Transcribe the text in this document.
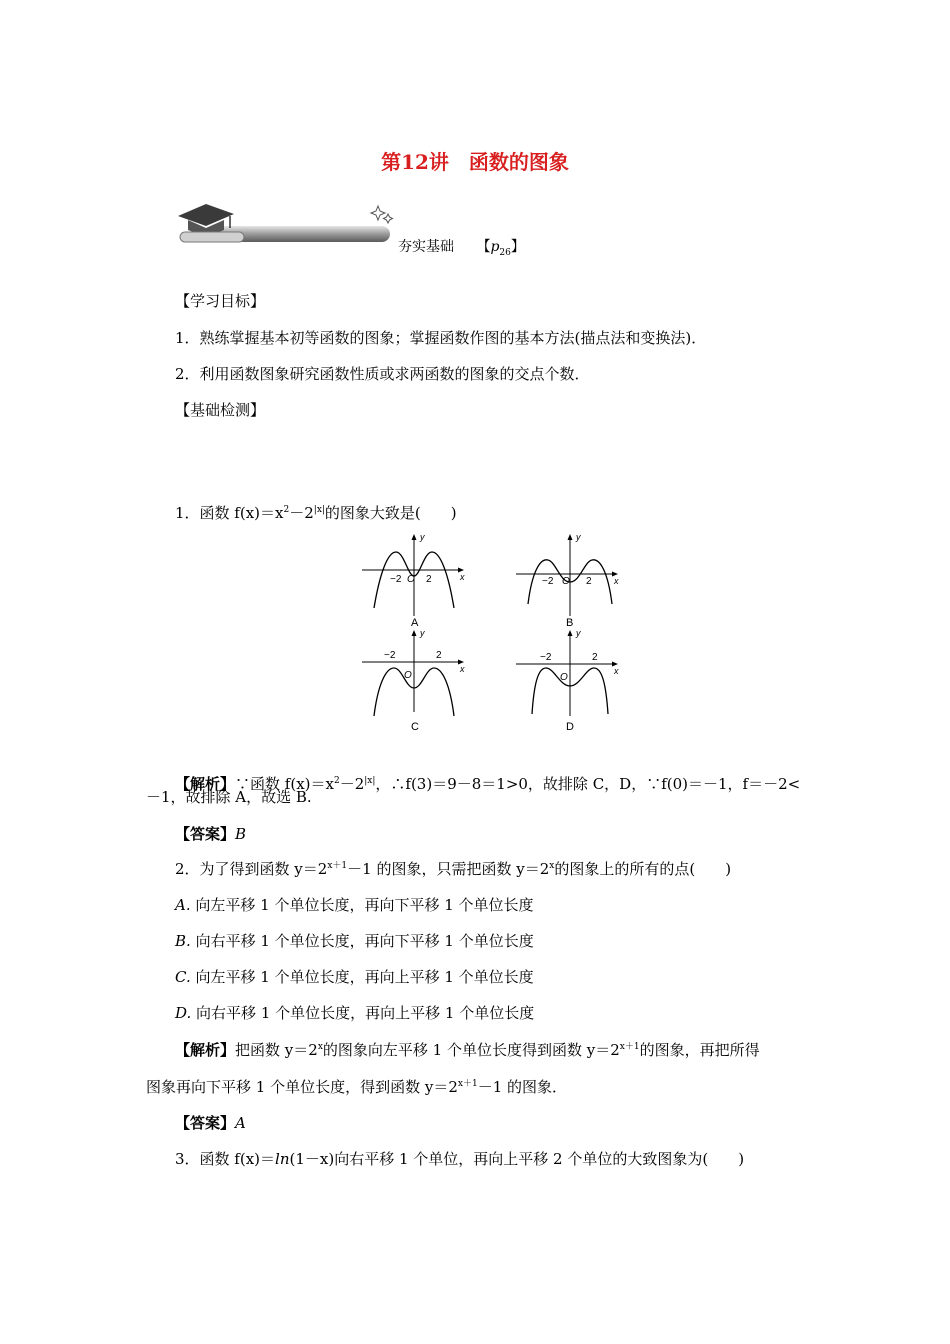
第12讲　函数的图象
夯实基础 【$p_{26}$】
【学习目标】
1．熟练掌握基本初等函数的图象；掌握函数作图的基本方法(描点法和变换法)．
2．利用函数图象研究函数性质或求两函数的图象的交点个数．
【基础检测】
1．函数 $f(x)=x^2-2^{|x|}$的图象大致是(　　)
y
x
−2 O 2
A
y
x
−2 O 2
B
y
x
−2
O
2
C
y
x
−2
O
2
D
【解析】∵函数 $f(x)=x^2-2^{|x|}$，∴f(3)＝9－8＝1>0，故排除 C，D，∵f(0)＝－1，f＝－2<
－1，故排除 A，故选 B.
【答案】B
2．为了得到函数 $y=2^{x+1}-1$ 的图象，只需把函数 $y=2^x$的图象上的所有的点(　　)
A. 向左平移 1 个单位长度，再向下平移 1 个单位长度
B. 向右平移 1 个单位长度，再向下平移 1 个单位长度
C. 向左平移 1 个单位长度，再向上平移 1 个单位长度
D. 向右平移 1 个单位长度，再向上平移 1 个单位长度
【解析】把函数 $y=2^x$的图象向左平移 1 个单位长度得到函数 $y=2^{x+1}$的图象，再把所得
图象再向下平移 1 个单位长度，得到函数 $y=2^{x+1}-1$ 的图象．
【答案】A
3．函数 f(x)＝ln(1－x)向右平移 1 个单位，再向上平移 2 个单位的大致图象为(　　)
